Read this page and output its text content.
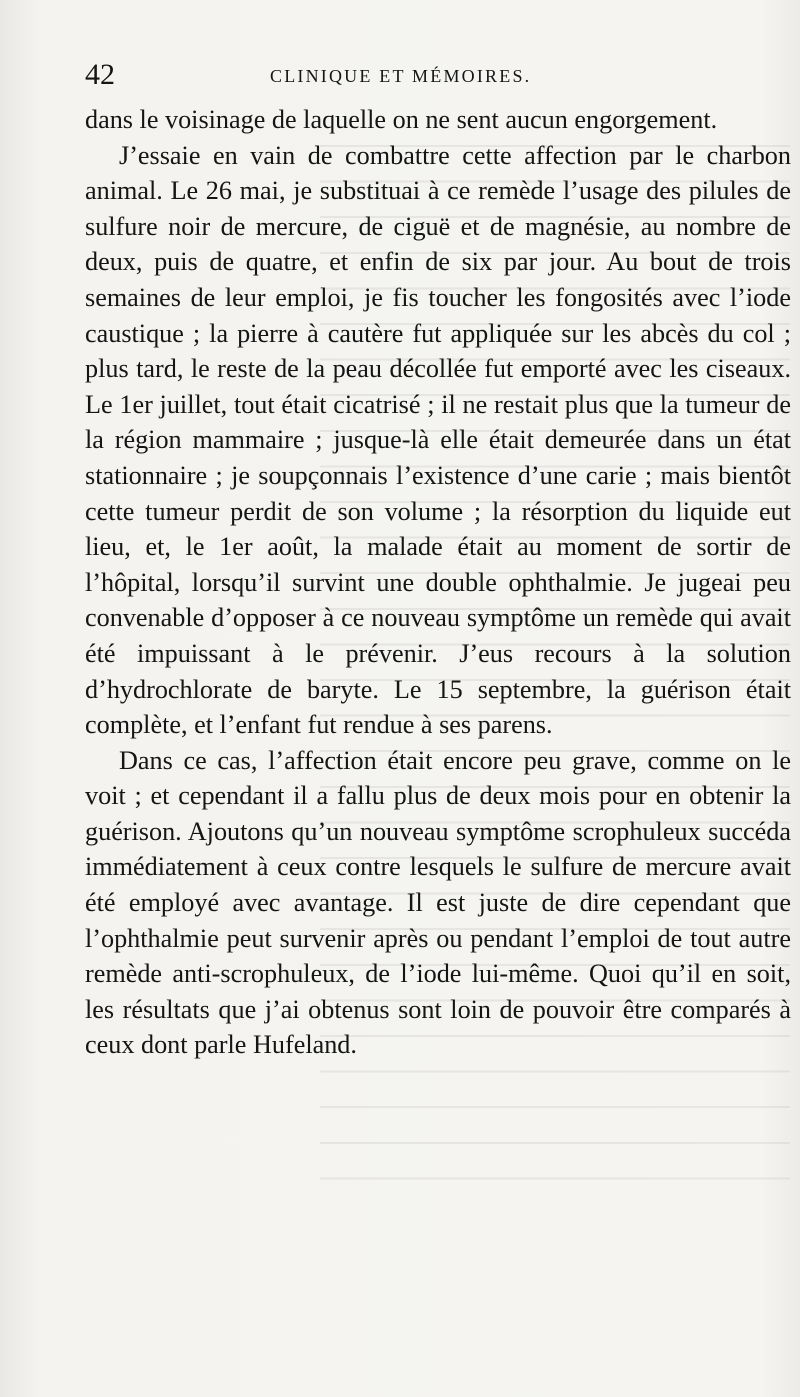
42	CLINIQUE ET MÉMOIRES.

dans le voisinage de laquelle on ne sent aucun engorgement.

J’essaie en vain de combattre cette affection par le charbon animal. Le 26 mai, je substituai à ce remède l’usage des pilules de sulfure noir de mercure, de ciguë et de magnésie, au nombre de deux, puis de quatre, et enfin de six par jour. Au bout de trois semaines de leur emploi, je fis toucher les fongosités avec l’iode caustique ; la pierre à cautère fut appliquée sur les abcès du col ; plus tard, le reste de la peau décollée fut emporté avec les ciseaux. Le 1er juillet, tout était cicatrisé ; il ne restait plus que la tumeur de la région mammaire ; jusque-là elle était demeurée dans un état stationnaire ; je soupçonnais l’existence d’une carie ; mais bientôt cette tumeur perdit de son volume ; la résorption du liquide eut lieu, et, le 1er août, la malade était au moment de sortir de l’hôpital, lorsqu’il survint une double ophthalmie. Je jugeai peu convenable d’opposer à ce nouveau symptôme un remède qui avait été impuissant à le prévenir. J’eus recours à la solution d’hydrochlorate de baryte. Le 15 septembre, la guérison était complète, et l’enfant fut rendue à ses parens.

Dans ce cas, l’affection était encore peu grave, comme on le voit ; et cependant il a fallu plus de deux mois pour en obtenir la guérison. Ajoutons qu’un nouveau symptôme scrophuleux succéda immédiatement à ceux contre lesquels le sulfure de mercure avait été employé avec avantage. Il est juste de dire cependant que l’ophthalmie peut survenir après ou pendant l’emploi de tout autre remède anti-scrophuleux, de l’iode lui-même. Quoi qu’il en soit, les résultats que j’ai obtenus sont loin de pouvoir être comparés à ceux dont parle Hufeland.
